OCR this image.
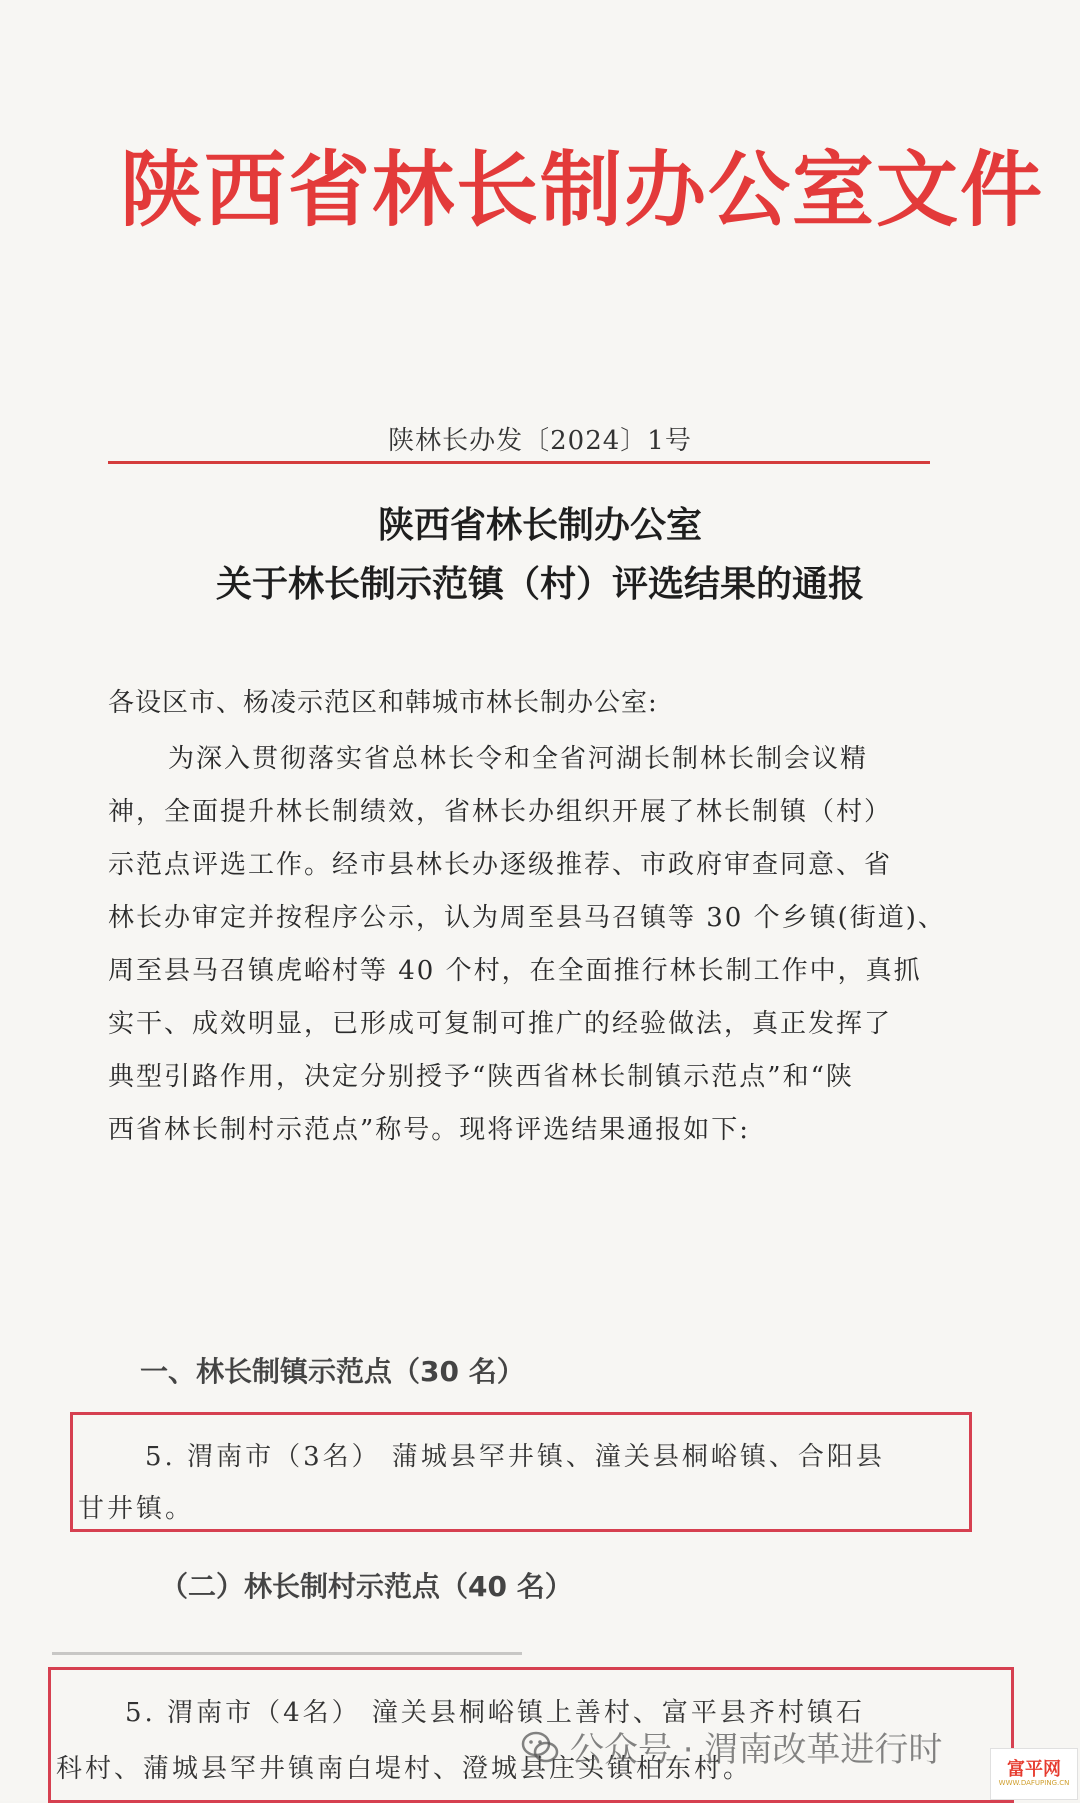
陕西省林长制办公室文件
陕林长办发〔2024〕1号
陕西省林长制办公室
关于林长制示范镇（村）评选结果的通报
各设区市、杨凌示范区和韩城市林长制办公室:
为深入贯彻落实省总林长令和全省河湖长制林长制会议精
神，全面提升林长制绩效，省林长办组织开展了林长制镇（村）
示范点评选工作。经市县林长办逐级推荐、市政府审查同意、省
林长办审定并按程序公示，认为周至县马召镇等 30 个乡镇(街道)、
周至县马召镇虎峪村等 40 个村，在全面推行林长制工作中，真抓
实干、成效明显，已形成可复制可推广的经验做法，真正发挥了
典型引路作用，决定分别授予“陕西省林长制镇示范点”和“陕
西省林长制村示范点”称号。现将评选结果通报如下:
一、林长制镇示范点（30 名）
5. 渭南市（3名） 蒲城县罕井镇、潼关县桐峪镇、合阳县
甘井镇。
（二）林长制村示范点（40 名）
5. 渭南市（4名） 潼关县桐峪镇上善村、富平县齐村镇石
科村、蒲城县罕井镇南白堤村、澄城县庄头镇柏东村。
公众号 · 渭南改革进行时	富平网
WWW.DAFUPING.CN
